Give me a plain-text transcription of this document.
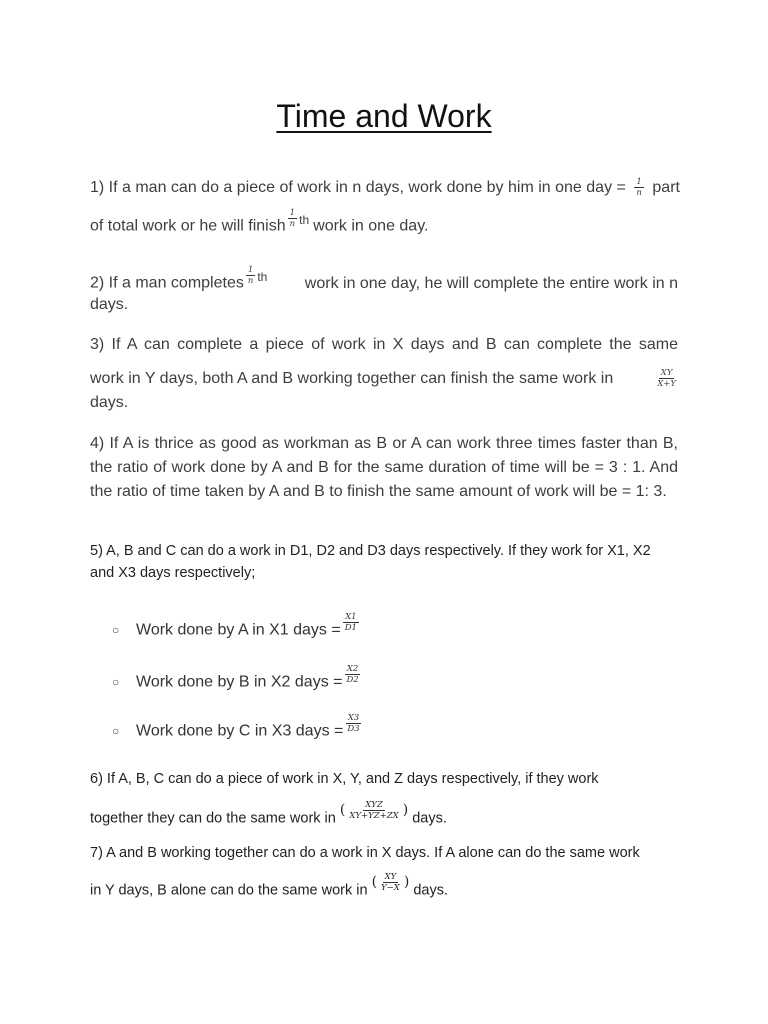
Time and Work
1) If a man can do a piece of work in n days, work done by him in one day = $\frac{1}{n}$ part
of total work or he will finish $\frac{1}{n} ^{th}$ work in one day.
2) If a man completes $\frac{1}{n} ^{th}$ work in one day, he will complete the entire work in n
days.
3) If A can complete a piece of work in X days and B can complete the same
work in Y days, both A and B working together can finish the same work in	$\frac{XY}{X+Y}$
days.
4) If A is thrice as good as workman as B or A can work three times faster than B, the ratio of work done by A and B for the same duration of time will be = 3 : 1. And the ratio of time taken by A and B to finish the same amount of work will be = 1: 3.
5) A, B and C can do a work in D1, D2 and D3 days respectively. If they work for X1, X2 and X3 days respectively;
○ Work done by A in X1 days = $\frac{X1}{D1}$
○ Work done by B in X2 days = $\frac{X2}{D2}$
○ Work done by C in X3 days = $\frac{X3}{D3}$
6) If A, B, C can do a piece of work in X, Y, and Z days respectively, if they work
together they can do the same work in ( $\frac{\text{XYZ}}{XY+YZ+ZX}$ ) days.
7) A and B working together can do a work in X days. If A alone can do the same work
in Y days, B alone can do the same work in ( $\frac{XY}{Y-X}$ ) days.
